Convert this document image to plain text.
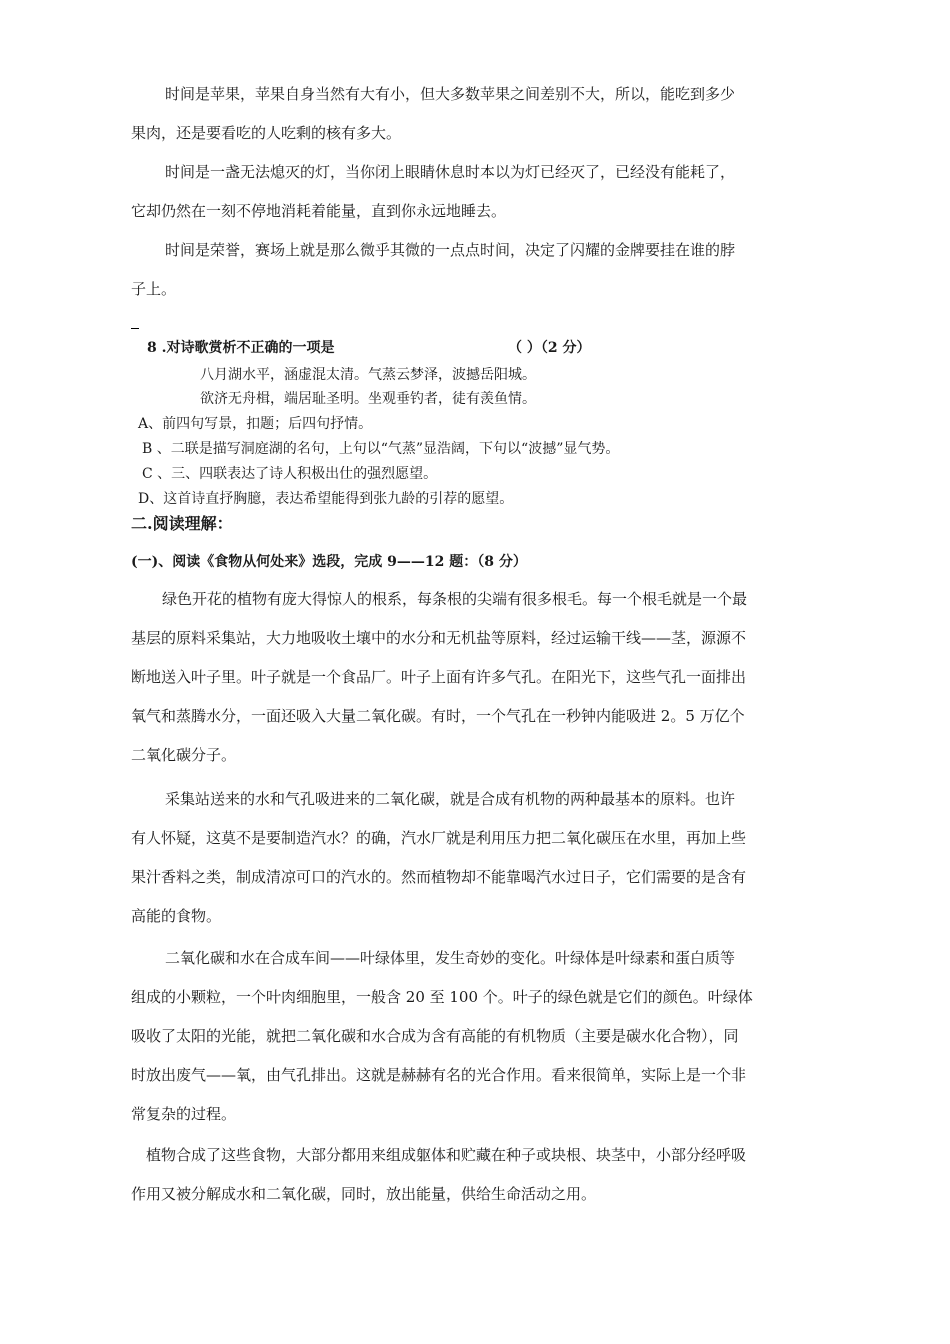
时间是苹果，苹果自身当然有大有小，但大多数苹果之间差别不大，所以，能吃到多少
果肉，还是要看吃的人吃剩的核有多大。
时间是一盏无法熄灭的灯，当你闭上眼睛休息时本以为灯已经灭了，已经没有能耗了，
它却仍然在一刻不停地消耗着能量，直到你永远地睡去。
时间是荣誉，赛场上就是那么微乎其微的一点点时间，决定了闪耀的金牌要挂在谁的脖
子上。
8 .对诗歌赏析不正确的一项是	（ ）（2 分）
八月湖水平，涵虚混太清。气蒸云梦泽，波撼岳阳城。
欲济无舟楫，端居耻圣明。坐观垂钓者，徒有羡鱼情。
A、前四句写景，扣题；后四句抒情。
B 、二联是描写洞庭湖的名句，上句以“气蒸”显浩阔，下句以“波撼”显气势。
C 、三、四联表达了诗人积极出仕的强烈愿望。
D、这首诗直抒胸臆，表达希望能得到张九龄的引荐的愿望。
二.阅读理解：
(一)、阅读《食物从何处来》选段，完成 9——12 题：（8 分）
绿色开花的植物有庞大得惊人的根系，每条根的尖端有很多根毛。每一个根毛就是一个最
基层的原料采集站，大力地吸收土壤中的水分和无机盐等原料，经过运输干线——茎，源源不
断地送入叶子里。叶子就是一个食品厂。叶子上面有许多气孔。在阳光下，这些气孔一面排出
氧气和蒸腾水分，一面还吸入大量二氧化碳。有时，一个气孔在一秒钟内能吸进 2。5 万亿个
二氧化碳分子。
采集站送来的水和气孔吸进来的二氧化碳，就是合成有机物的两种最基本的原料。也许
有人怀疑，这莫不是要制造汽水？的确，汽水厂就是利用压力把二氧化碳压在水里，再加上些
果汁香料之类，制成清凉可口的汽水的。然而植物却不能靠喝汽水过日子，它们需要的是含有
高能的食物。
二氧化碳和水在合成车间——叶绿体里，发生奇妙的变化。叶绿体是叶绿素和蛋白质等
组成的小颗粒，一个叶肉细胞里，一般含 20 至 100 个。叶子的绿色就是它们的颜色。叶绿体
吸收了太阳的光能，就把二氧化碳和水合成为含有高能的有机物质（主要是碳水化合物），同
时放出废气——氧，由气孔排出。这就是赫赫有名的光合作用。看来很简单，实际上是一个非
常复杂的过程。
植物合成了这些食物，大部分都用来组成躯体和贮藏在种子或块根、块茎中，小部分经呼吸
作用又被分解成水和二氧化碳，同时，放出能量，供给生命活动之用。
